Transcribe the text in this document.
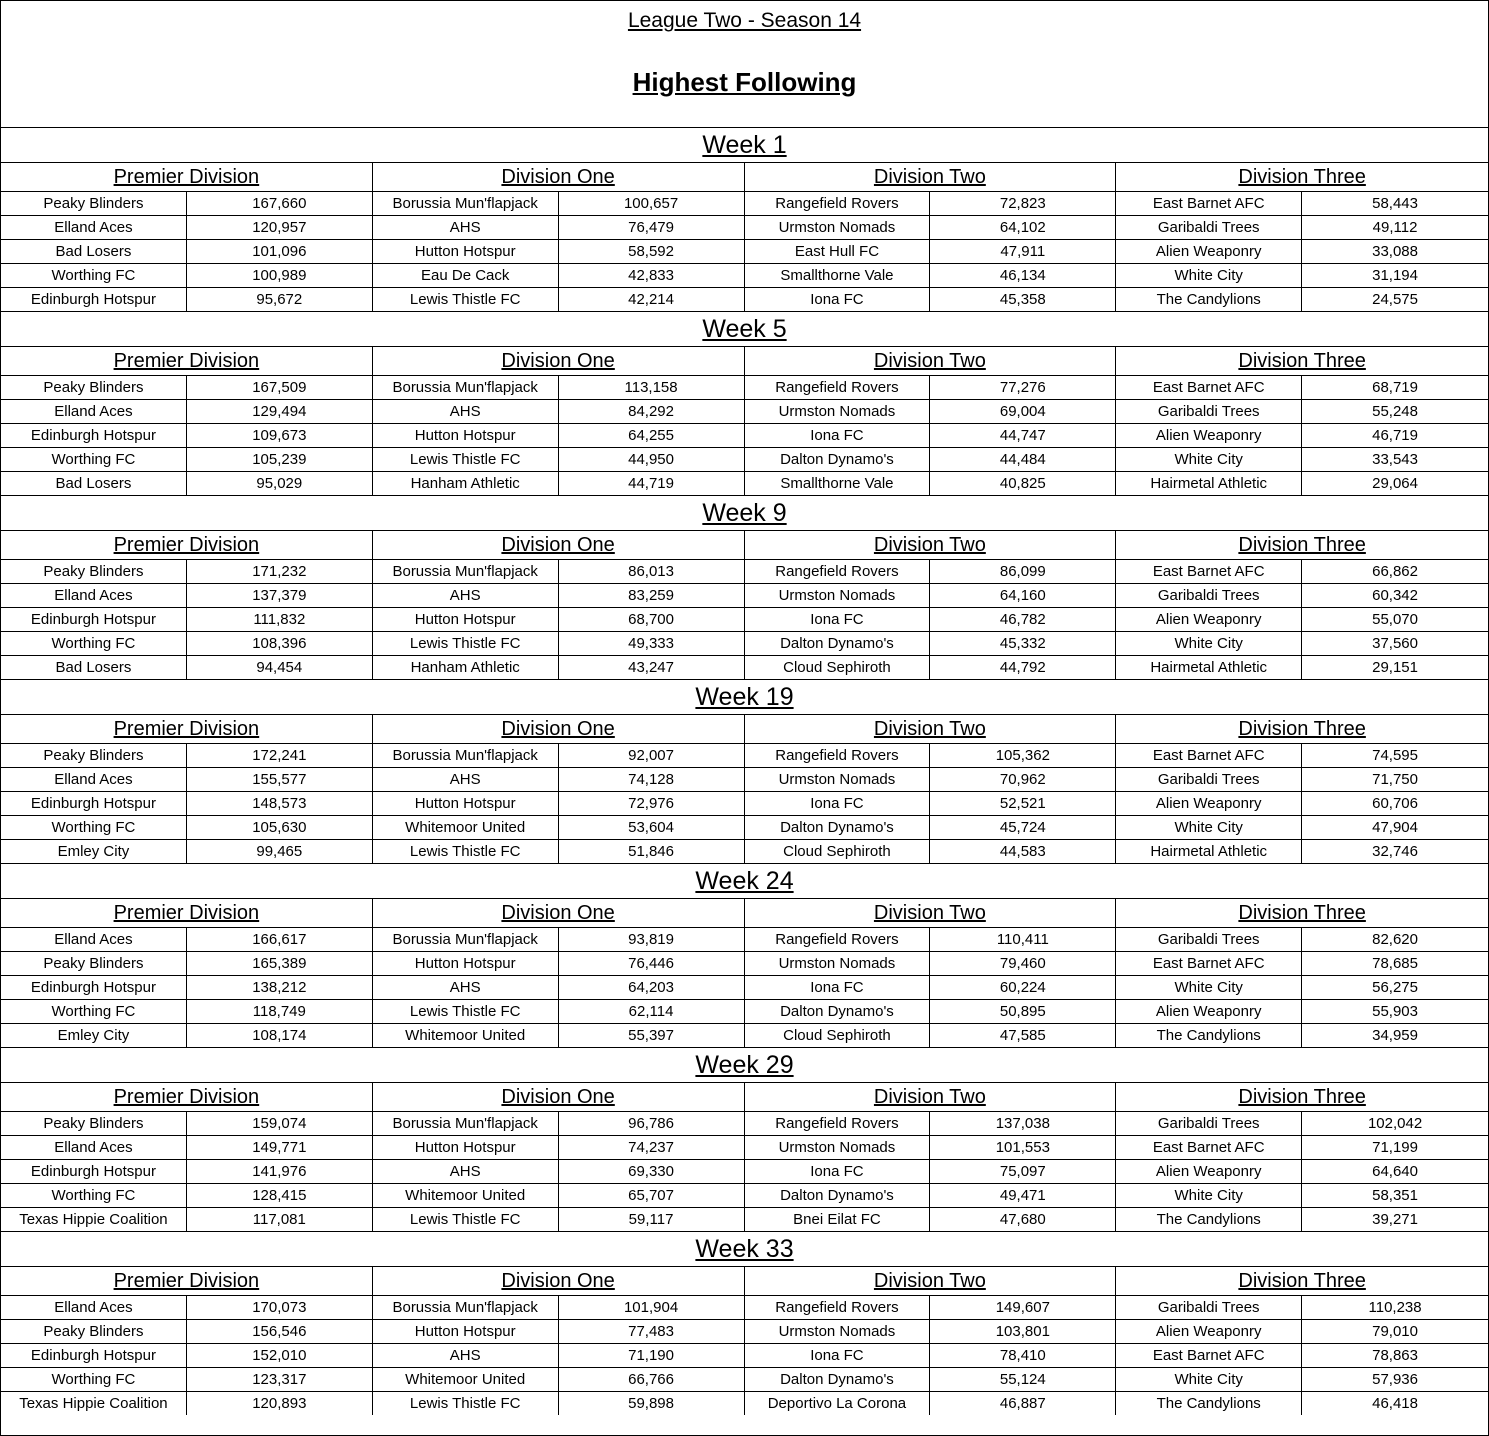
League Two - Season 14
Highest Following
Week 1
Premier Division	Division One	Division Two	Division Three
Peaky Blinders	167,660	Borussia Mun'flapjack	100,657	Rangefield Rovers	72,823	East Barnet AFC	58,443
Elland Aces	120,957	AHS	76,479	Urmston Nomads	64,102	Garibaldi Trees	49,112
Bad Losers	101,096	Hutton Hotspur	58,592	East Hull FC	47,911	Alien Weaponry	33,088
Worthing FC	100,989	Eau De Cack	42,833	Smallthorne Vale	46,134	White City	31,194
Edinburgh Hotspur	95,672	Lewis Thistle FC	42,214	Iona FC	45,358	The Candylions	24,575
Week 5
Premier Division	Division One	Division Two	Division Three
Peaky Blinders	167,509	Borussia Mun'flapjack	113,158	Rangefield Rovers	77,276	East Barnet AFC	68,719
Elland Aces	129,494	AHS	84,292	Urmston Nomads	69,004	Garibaldi Trees	55,248
Edinburgh Hotspur	109,673	Hutton Hotspur	64,255	Iona FC	44,747	Alien Weaponry	46,719
Worthing FC	105,239	Lewis Thistle FC	44,950	Dalton Dynamo's	44,484	White City	33,543
Bad Losers	95,029	Hanham Athletic	44,719	Smallthorne Vale	40,825	Hairmetal Athletic	29,064
Week 9
Premier Division	Division One	Division Two	Division Three
Peaky Blinders	171,232	Borussia Mun'flapjack	86,013	Rangefield Rovers	86,099	East Barnet AFC	66,862
Elland Aces	137,379	AHS	83,259	Urmston Nomads	64,160	Garibaldi Trees	60,342
Edinburgh Hotspur	111,832	Hutton Hotspur	68,700	Iona FC	46,782	Alien Weaponry	55,070
Worthing FC	108,396	Lewis Thistle FC	49,333	Dalton Dynamo's	45,332	White City	37,560
Bad Losers	94,454	Hanham Athletic	43,247	Cloud Sephiroth	44,792	Hairmetal Athletic	29,151
Week 19
Premier Division	Division One	Division Two	Division Three
Peaky Blinders	172,241	Borussia Mun'flapjack	92,007	Rangefield Rovers	105,362	East Barnet AFC	74,595
Elland Aces	155,577	AHS	74,128	Urmston Nomads	70,962	Garibaldi Trees	71,750
Edinburgh Hotspur	148,573	Hutton Hotspur	72,976	Iona FC	52,521	Alien Weaponry	60,706
Worthing FC	105,630	Whitemoor United	53,604	Dalton Dynamo's	45,724	White City	47,904
Emley City	99,465	Lewis Thistle FC	51,846	Cloud Sephiroth	44,583	Hairmetal Athletic	32,746
Week 24
Premier Division	Division One	Division Two	Division Three
Elland Aces	166,617	Borussia Mun'flapjack	93,819	Rangefield Rovers	110,411	Garibaldi Trees	82,620
Peaky Blinders	165,389	Hutton Hotspur	76,446	Urmston Nomads	79,460	East Barnet AFC	78,685
Edinburgh Hotspur	138,212	AHS	64,203	Iona FC	60,224	White City	56,275
Worthing FC	118,749	Lewis Thistle FC	62,114	Dalton Dynamo's	50,895	Alien Weaponry	55,903
Emley City	108,174	Whitemoor United	55,397	Cloud Sephiroth	47,585	The Candylions	34,959
Week 29
Premier Division	Division One	Division Two	Division Three
Peaky Blinders	159,074	Borussia Mun'flapjack	96,786	Rangefield Rovers	137,038	Garibaldi Trees	102,042
Elland Aces	149,771	Hutton Hotspur	74,237	Urmston Nomads	101,553	East Barnet AFC	71,199
Edinburgh Hotspur	141,976	AHS	69,330	Iona FC	75,097	Alien Weaponry	64,640
Worthing FC	128,415	Whitemoor United	65,707	Dalton Dynamo's	49,471	White City	58,351
Texas Hippie Coalition	117,081	Lewis Thistle FC	59,117	Bnei Eilat FC	47,680	The Candylions	39,271
Week 33
Premier Division	Division One	Division Two	Division Three
Elland Aces	170,073	Borussia Mun'flapjack	101,904	Rangefield Rovers	149,607	Garibaldi Trees	110,238
Peaky Blinders	156,546	Hutton Hotspur	77,483	Urmston Nomads	103,801	Alien Weaponry	79,010
Edinburgh Hotspur	152,010	AHS	71,190	Iona FC	78,410	East Barnet AFC	78,863
Worthing FC	123,317	Whitemoor United	66,766	Dalton Dynamo's	55,124	White City	57,936
Texas Hippie Coalition	120,893	Lewis Thistle FC	59,898	Deportivo La Corona	46,887	The Candylions	46,418
